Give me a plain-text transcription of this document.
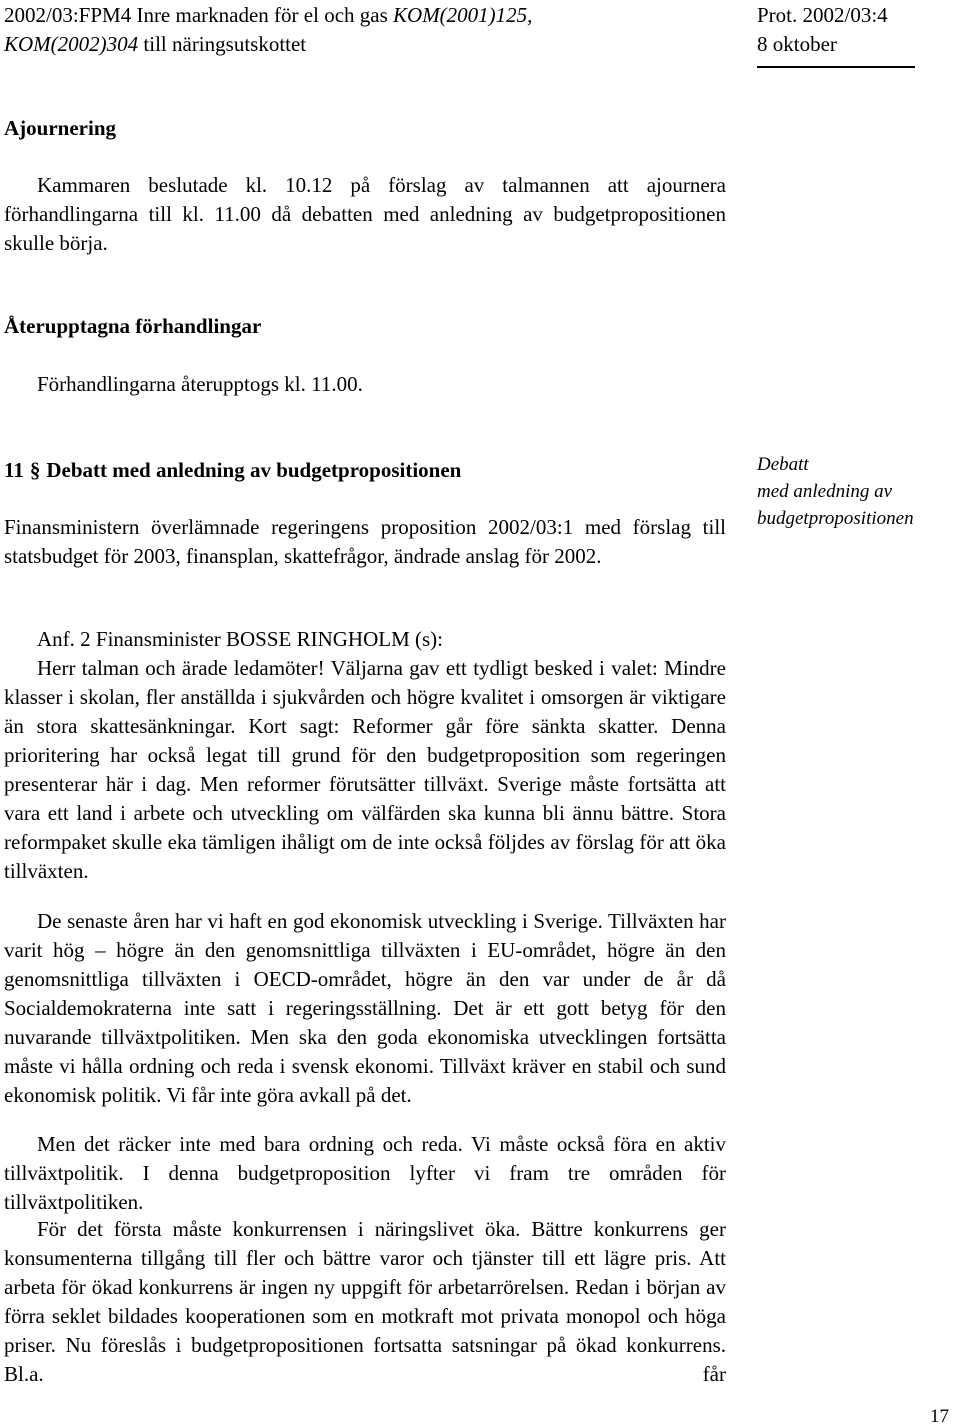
2002/03:FPM4 Inre marknaden för el och gas KOM(2001)125,
KOM(2002)304 till näringsutskottet
Prot. 2002/03:4
8 oktober
Ajournering

Kammaren beslutade kl. 10.12 på förslag av talmannen att ajournera förhandlingarna till kl. 11.00 då debatten med anledning av budgetpropositionen skulle börja.

Återupptagna förhandlingar

Förhandlingarna återupptogs kl. 11.00.

11 § Debatt med anledning av budgetpropositionen

Finansministern överlämnade regeringens proposition 2002/03:1 med förslag till statsbudget för 2003, finansplan, skattefrågor, ändrade anslag för 2002.

Debatt
med anledning av
budgetpropositionen
Anf. 2 Finansminister BOSSE RINGHOLM (s):

Herr talman och ärade ledamöter! Väljarna gav ett tydligt besked i valet: Mindre klasser i skolan, fler anställda i sjukvården och högre kvalitet i omsorgen är viktigare än stora skattesänkningar. Kort sagt: Reformer går före sänkta skatter. Denna prioritering har också legat till grund för den budgetproposition som regeringen presenterar här i dag. Men reformer förutsätter tillväxt. Sverige måste fortsätta att vara ett land i arbete och utveckling om välfärden ska kunna bli ännu bättre. Stora reformpaket skulle eka tämligen ihåligt om de inte också följdes av förslag för att öka tillväxten.

De senaste åren har vi haft en god ekonomisk utveckling i Sverige. Tillväxten har varit hög – högre än den genomsnittliga tillväxten i EU-området, högre än den genomsnittliga tillväxten i OECD-området, högre än den var under de år då Socialdemokraterna inte satt i regeringsställning. Det är ett gott betyg för den nuvarande tillväxtpolitiken. Men ska den goda ekonomiska utvecklingen fortsätta måste vi hålla ordning och reda i svensk ekonomi. Tillväxt kräver en stabil och sund ekonomisk politik. Vi får inte göra avkall på det.

Men det räcker inte med bara ordning och reda. Vi måste också föra en aktiv tillväxtpolitik. I denna budgetproposition lyfter vi fram tre områden för tillväxtpolitiken.

För det första måste konkurrensen i näringslivet öka. Bättre konkurrens ger konsumenterna tillgång till fler och bättre varor och tjänster till ett lägre pris. Att arbeta för ökad konkurrens är ingen ny uppgift för arbetarrörelsen. Redan i början av förra seklet bildades kooperationen som en motkraft mot privata monopol och höga priser. Nu föreslås i budgetpropositionen fortsatta satsningar på ökad konkurrens. Bl.a. får

17
